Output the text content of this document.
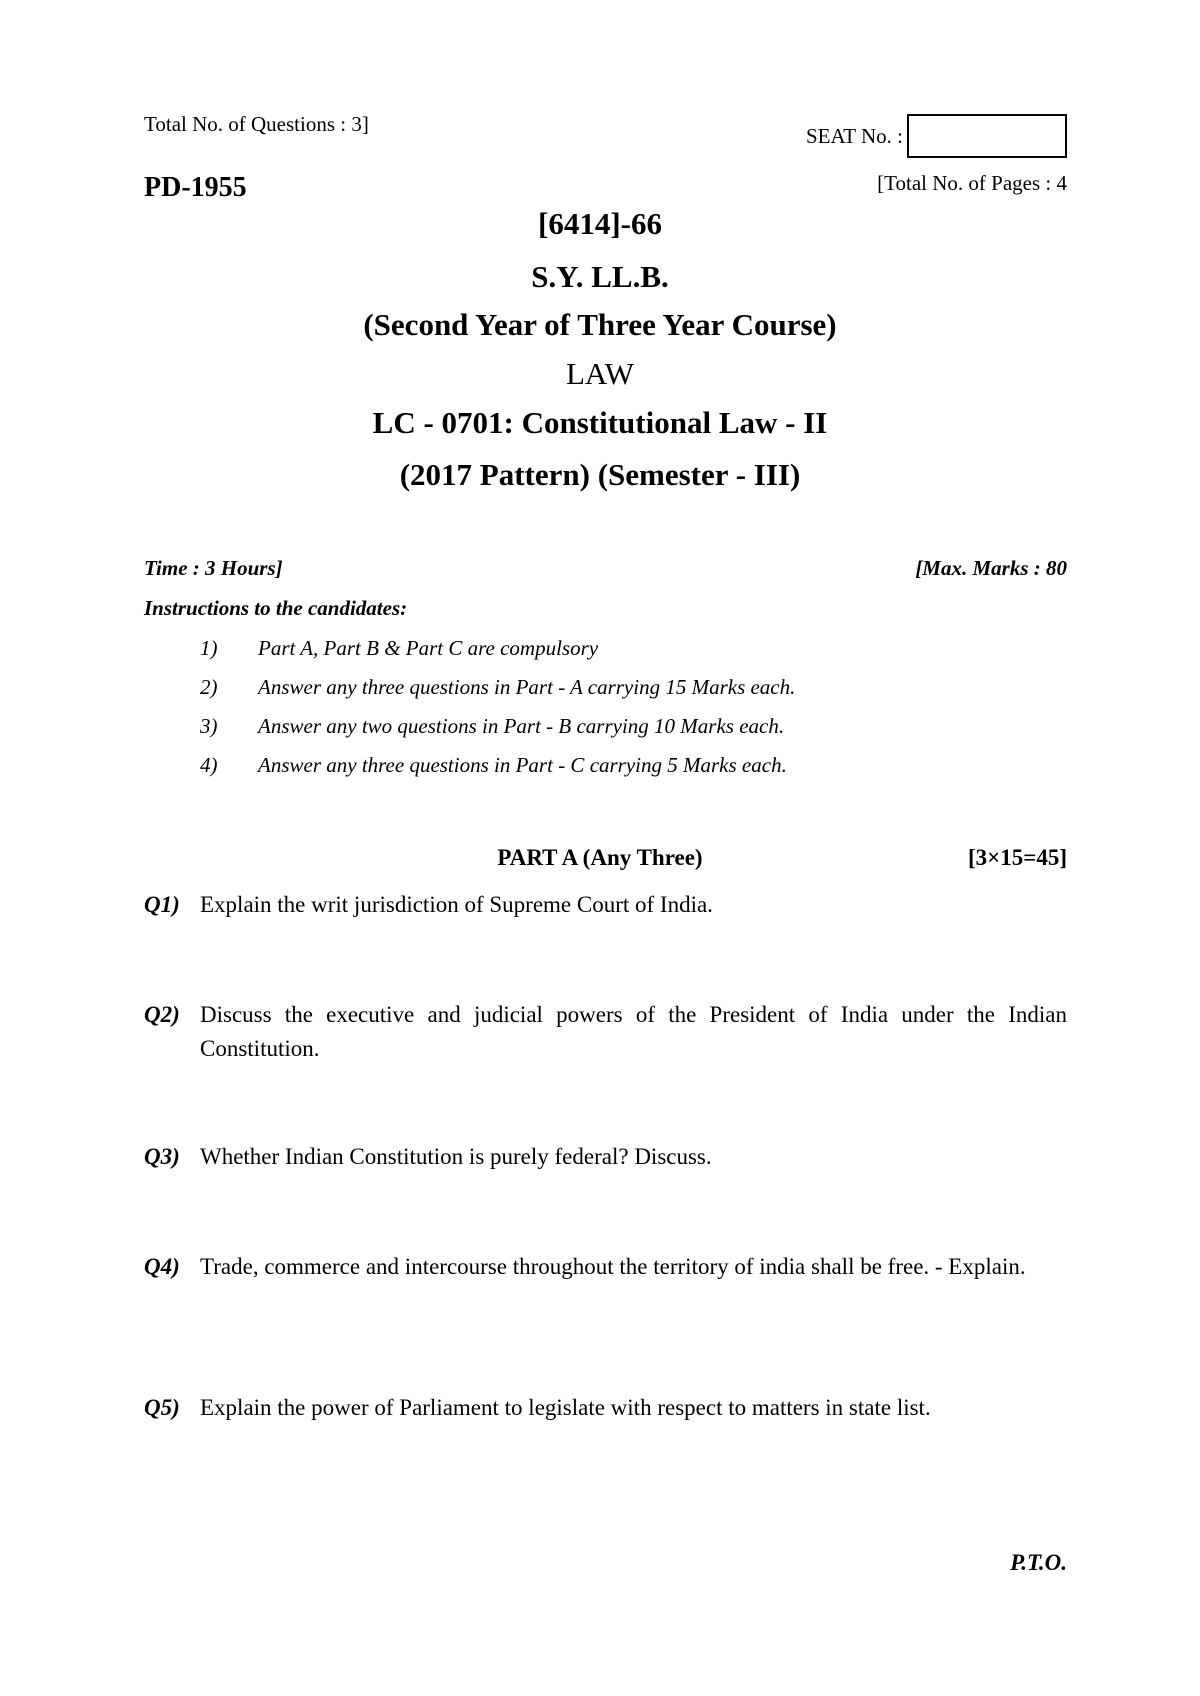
Total No. of Questions : 3]	SEAT No. :
PD-1955	[Total No. of Pages : 4
[6414]-66
S.Y. LL.B.
(Second Year of Three Year Course)
LAW
LC - 0701: Constitutional Law - II
(2017 Pattern) (Semester - III)
Time : 3 Hours]	[Max. Marks : 80
Instructions to the candidates:
1)	Part A, Part B & Part C are compulsory
2)	Answer any three questions in Part - A carrying 15 Marks each.
3)	Answer any two questions in Part - B carrying 10 Marks each.
4)	Answer any three questions in Part - C carrying 5 Marks each.
PART A (Any Three)	[3×15=45]
Q1) Explain the writ jurisdiction of Supreme Court of India.
Q2) Discuss the executive and judicial powers of the President of India under the Indian Constitution.
Q3) Whether Indian Constitution is purely federal? Discuss.
Q4) Trade, commerce and intercourse throughout the territory of india shall be free. - Explain.
Q5) Explain the power of Parliament to legislate with respect to matters in state list.
P.T.O.
